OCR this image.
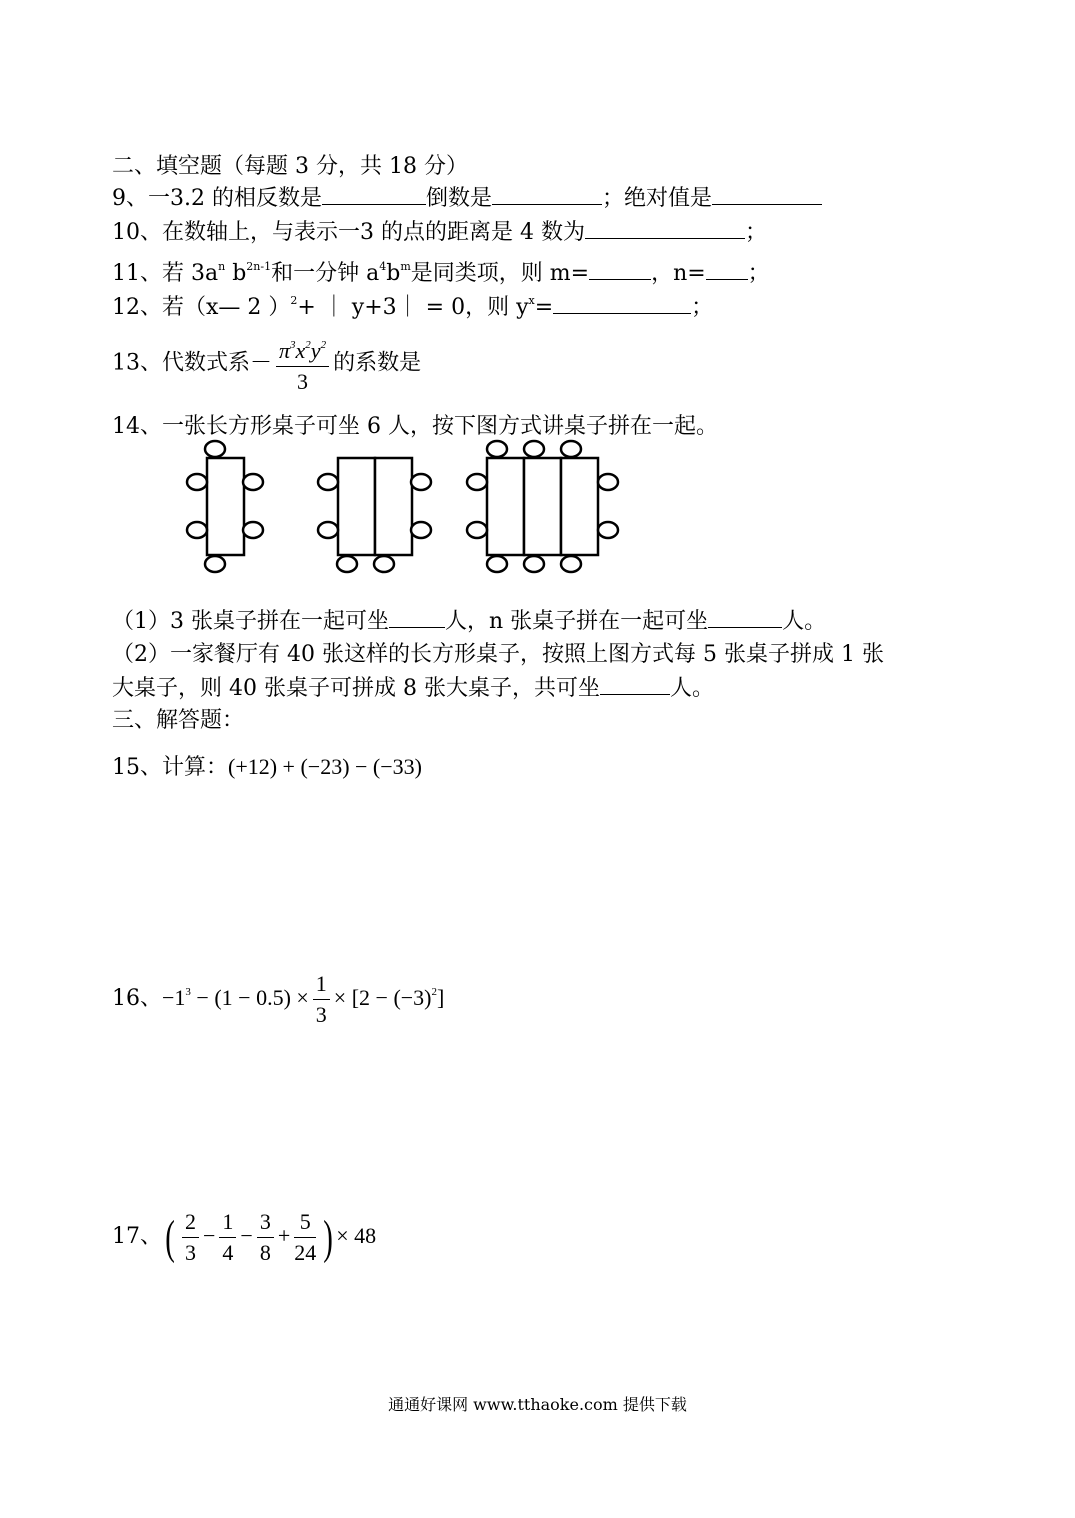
二、填空题（每题 3 分，共 18 分）
9、一3.2 的相反数是	倒数是	；绝对值是
10、在数轴上，与表示一3 的点的距离是 4 数为	；
11、若 $3a^n$ $b^{2n-1}$和一分钟 $a^4b^m$是同类项，则 m=	，n= ；
12、若（x— 2 ）$^2$+ ｜ y+3｜ = 0，则 $y^x=$	；
13、代数式系－ $\frac{\pi^3x^2y^2}{3}$ 的系数是
14、一张长方形桌子可坐 6 人，按下图方式讲桌子拼在一起。
（1）3 张桌子拼在一起可坐	人，n 张桌子拼在一起可坐	人。
（2）一家餐厅有 40 张这样的长方形桌子，按照上图方式每 5 张桌子拼成 1 张
大桌子，则 40 张桌子可拼成 8 张大桌子，共可坐	人。
三、解答题：
15、计算：(+12) + (−23) − (−33)
16、$-1^3 - (1 - 0.5) \times \frac{1}{3} \times [2 - (-3)^2]$
17、( $\frac{2}{3} - \frac{1}{4} - \frac{3}{8} + \frac{5}{24}$ ) × 48
通通好课网 www.tthaoke.com 提供下载
